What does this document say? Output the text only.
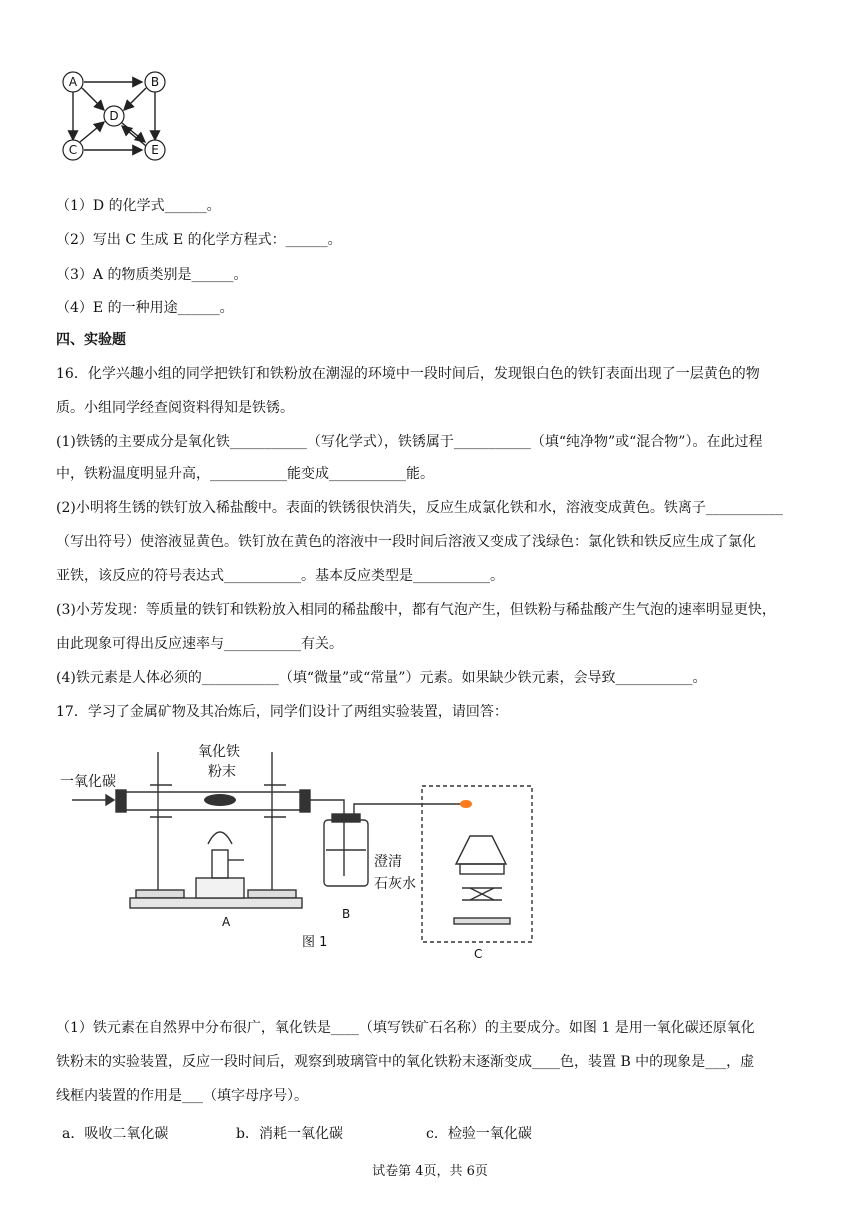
A	B
D
C	E
（1）D 的化学式______。
（2）写出 C 生成 E 的化学方程式：______。
（3）A 的物质类别是______。
（4）E 的一种用途______。
四、实验题
16．化学兴趣小组的同学把铁钉和铁粉放在潮湿的环境中一段时间后，发现银白色的铁钉表面出现了一层黄色的物
质。小组同学经查阅资料得知是铁锈。
(1)铁锈的主要成分是氧化铁___________（写化学式），铁锈属于___________（填“纯净物”或“混合物”）。在此过程
中，铁粉温度明显升高，___________能变成___________能。
(2)小明将生锈的铁钉放入稀盐酸中。表面的铁锈很快消失，反应生成氯化铁和水，溶液变成黄色。铁离子___________
（写出符号）使溶液显黄色。铁钉放在黄色的溶液中一段时间后溶液又变成了浅绿色：氯化铁和铁反应生成了氯化
亚铁，该反应的符号表达式___________。基本反应类型是___________。
(3)小芳发现：等质量的铁钉和铁粉放入相同的稀盐酸中，都有气泡产生，但铁粉与稀盐酸产生气泡的速率明显更快，
由此现象可得出反应速率与___________有关。
(4)铁元素是人体必须的___________（填“微量”或“常量”）元素。如果缺少铁元素，会导致___________。
17．学习了金属矿物及其冶炼后，同学们设计了两组实验装置，请回答：
一氧化碳
氧化铁
粉末
澄清
石灰水
A
B
C
图 1
（1）铁元素在自然界中分布很广，氧化铁是____（填写铁矿石名称）的主要成分。如图 1 是用一氧化碳还原氧化
铁粉末的实验装置，反应一段时间后，观察到玻璃管中的氧化铁粉末逐渐变成____色，装置 B 中的现象是___，虚
线框内装置的作用是___（填字母序号）。
a．吸收二氧化碳	b．消耗一氧化碳	c．检验一氧化碳
试卷第 4页，共 6页
